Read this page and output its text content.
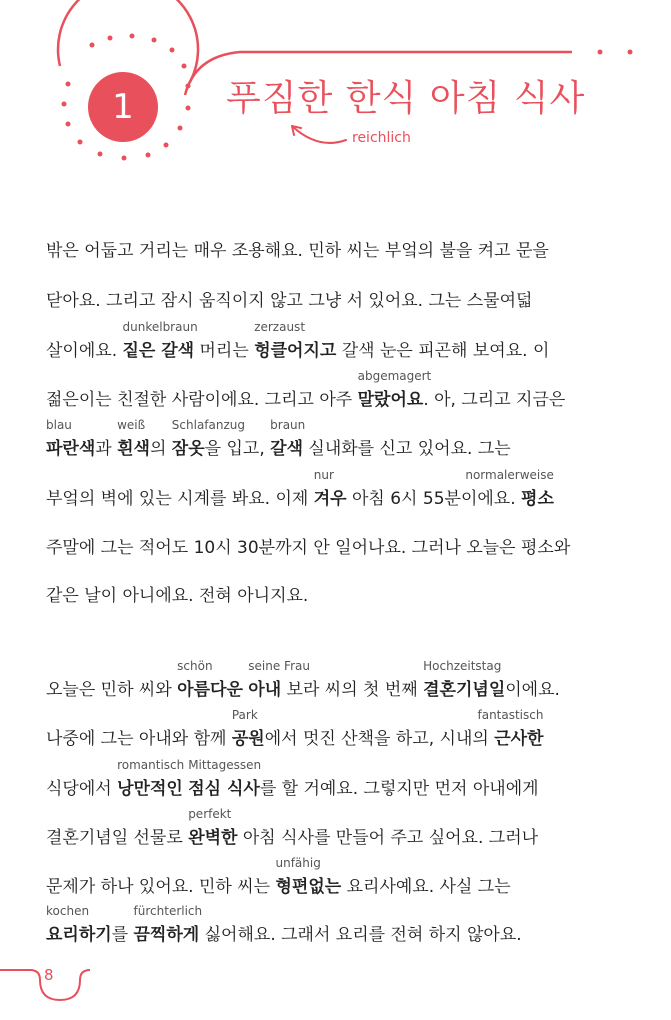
1	푸짐한 한식 아침 식사
reichlich
밖은 어둡고 거리는 매우 조용해요. 민하 씨는 부엌의 불을 켜고 문을
닫아요. 그리고 잠시 움직이지 않고 그냥 서 있어요. 그는 스물여덟
살이에요. 짙은 갈색
dunkelbraun
머리는 헝클어지고
zerzaust
갈색 눈은 피곤해 보여요. 이
젊은이는 친절한 사람이에요. 그리고 아주 말랐어요
abgemagert
. 아, 그리고 지금은
파란색
blau
과 흰색
weiß
의 잠옷
Schlafanzug
을 입고, 갈색
braun
실내화를 신고 있어요. 그는
부엌의 벽에 있는 시계를 봐요. 이제 겨우
nur
아침 6시 55분이에요. 평소
normalerweise
주말에 그는 적어도 10시 30분까지 안 일어나요. 그러나 오늘은 평소와
같은 날이 아니에요. 전혀 아니지요.
오늘은 민하 씨와 아름다운
schön
아내
seine Frau
보라 씨의 첫 번째 결혼기념일
Hochzeitstag
이에요.
나중에 그는 아내와 함께 공원
Park
에서 멋진 산책을 하고, 시내의 근사한
fantastisch
식당에서 낭만적인
romantisch
점심 식사
Mittagessen
를 할 거예요. 그렇지만 먼저 아내에게
결혼기념일 선물로 완벽한
perfekt
아침 식사를 만들어 주고 싶어요. 그러나
문제가 하나 있어요. 민하 씨는 형편없는
unfähig
요리사예요. 사실 그는
요리하기
kochen
를 끔찍하게
fürchterlich
싫어해요. 그래서 요리를 전혀 하지 않아요.
8
